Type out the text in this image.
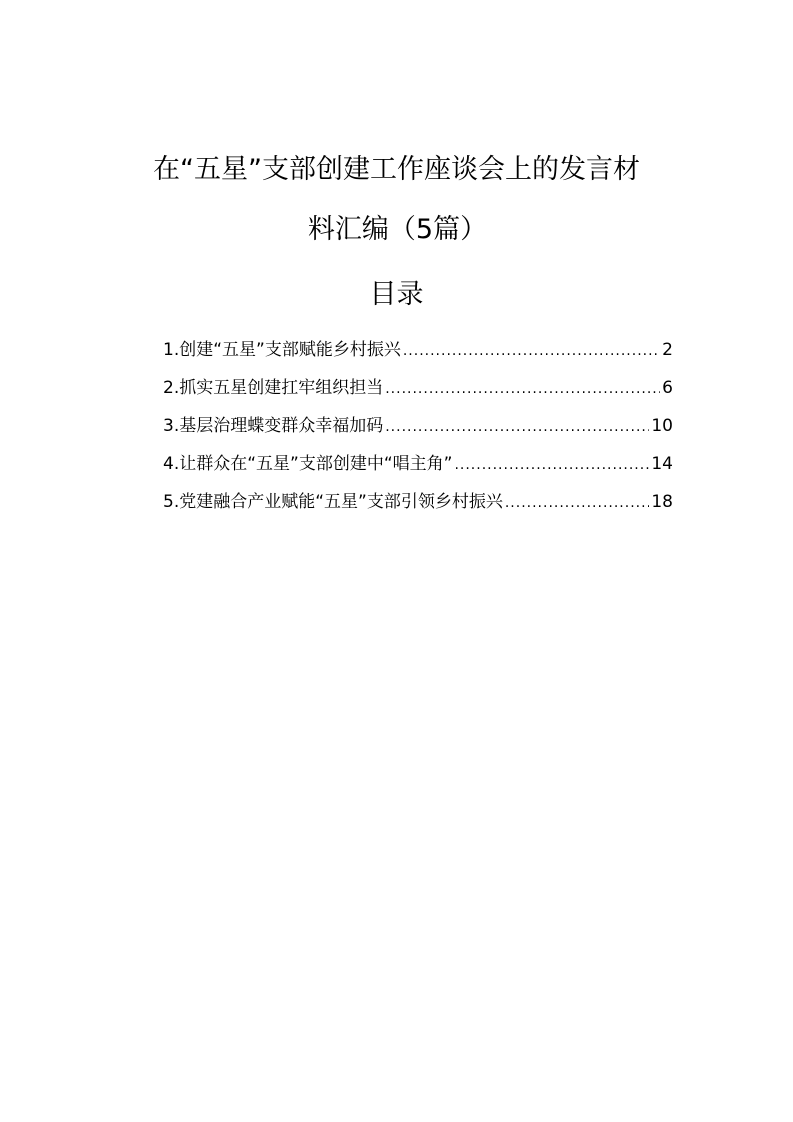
在“五星”支部创建工作座谈会上的发言材
料汇编（5篇）
目录
1.创建“五星”支部赋能乡村振兴 .....	2
2.抓实五星创建扛牢组织担当 .....	6
3.基层治理蝶变群众幸福加码 .....	10
4.让群众在“五星”支部创建中“唱主角” .....	14
5.党建融合产业赋能“五星”支部引领乡村振兴 .....	18
